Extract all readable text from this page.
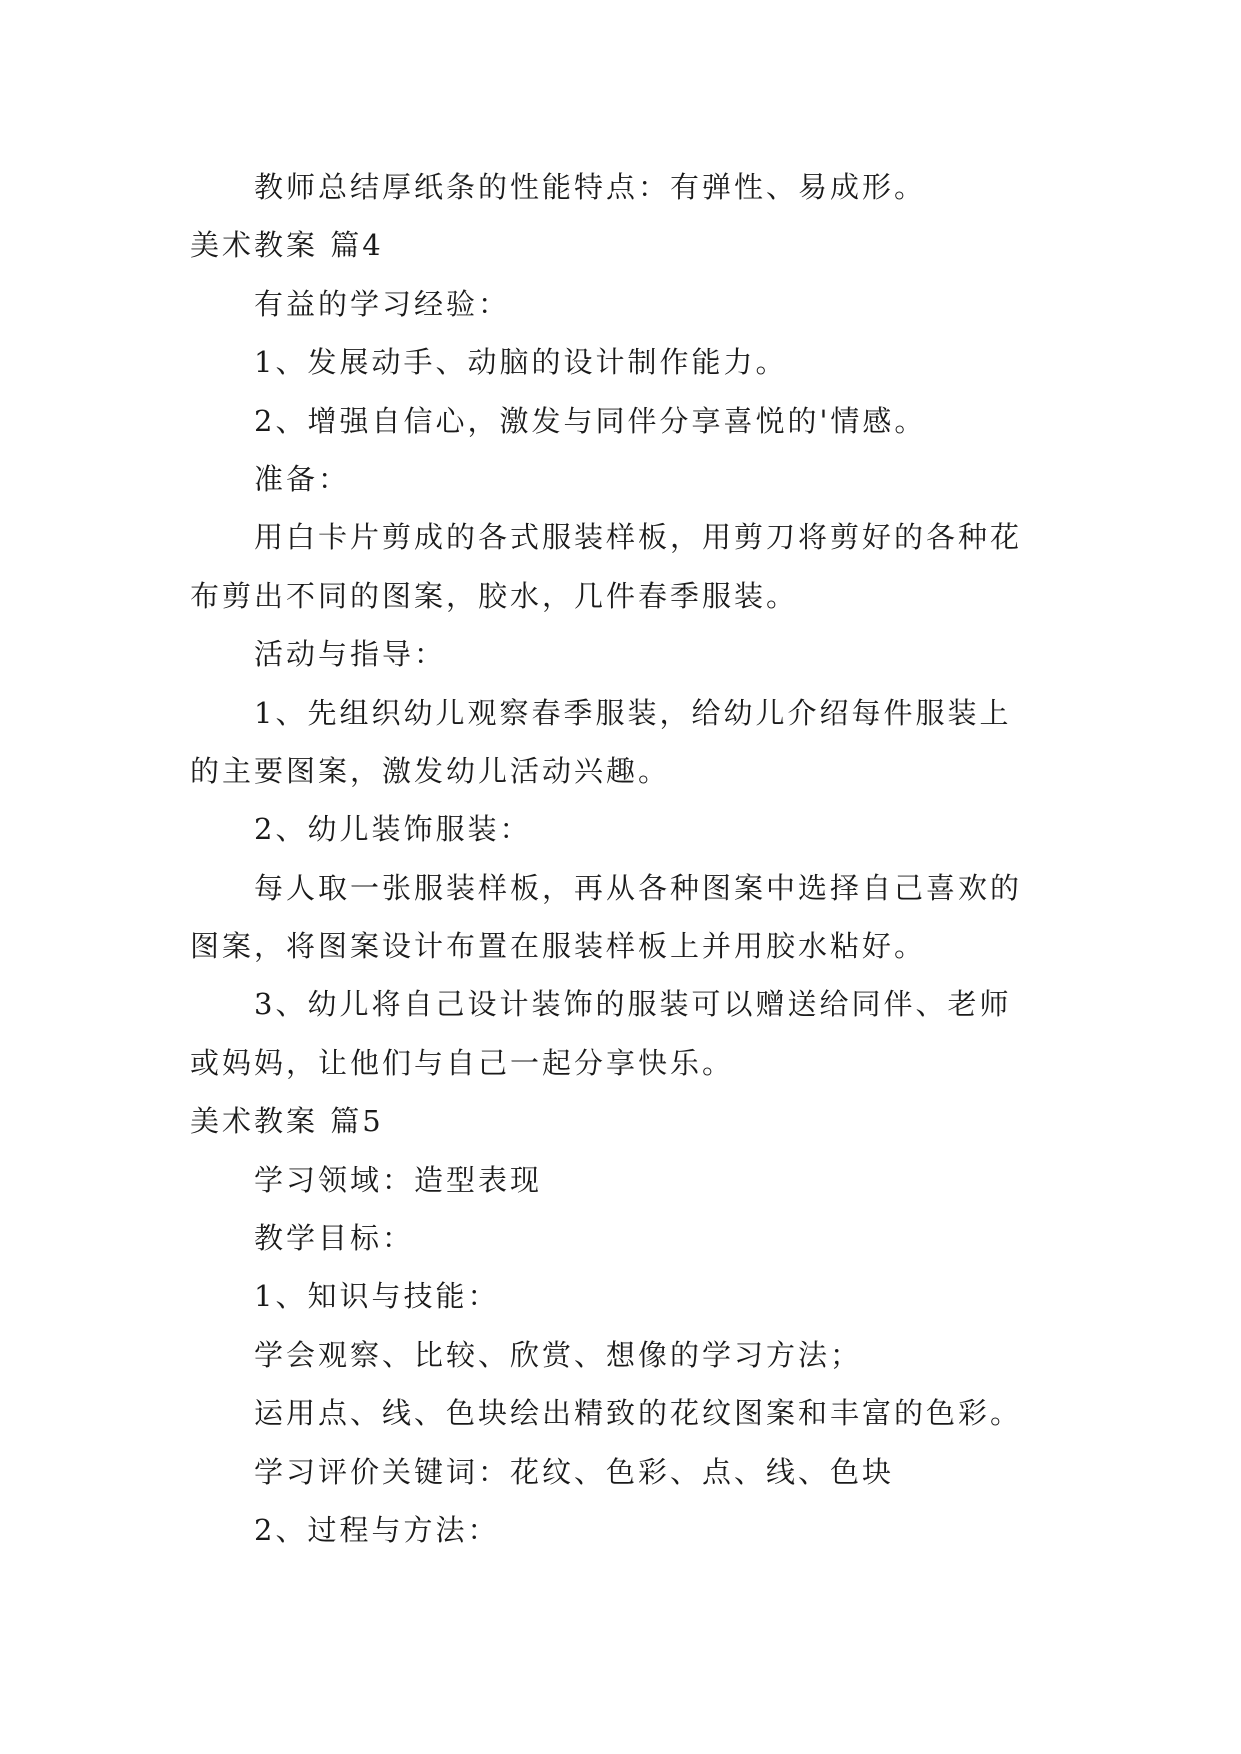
教师总结厚纸条的性能特点：有弹性、易成形。
美术教案 篇4
有益的学习经验：
1、发展动手、动脑的设计制作能力。
2、增强自信心，激发与同伴分享喜悦的'情感。
准备：
用白卡片剪成的各式服装样板，用剪刀将剪好的各种花
布剪出不同的图案，胶水，几件春季服装。
活动与指导：
1、先组织幼儿观察春季服装，给幼儿介绍每件服装上
的主要图案，激发幼儿活动兴趣。
2、幼儿装饰服装：
每人取一张服装样板，再从各种图案中选择自己喜欢的
图案，将图案设计布置在服装样板上并用胶水粘好。
3、幼儿将自己设计装饰的服装可以赠送给同伴、老师
或妈妈，让他们与自己一起分享快乐。
美术教案 篇5
学习领域：造型表现
教学目标：
1、知识与技能：
学会观察、比较、欣赏、想像的学习方法；
运用点、线、色块绘出精致的花纹图案和丰富的色彩。
学习评价关键词：花纹、色彩、点、线、色块
2、过程与方法：
